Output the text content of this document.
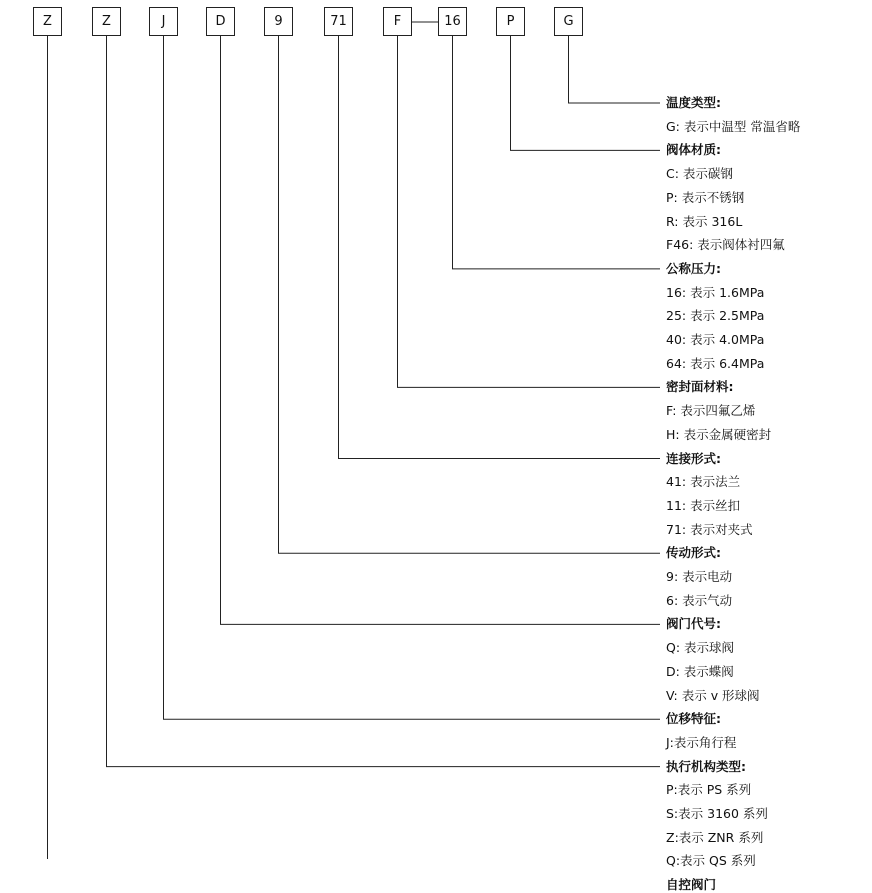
Z	Z	J	D	9	71	F	16	P	G
温度类型:
G: 表示中温型 常温省略
阀体材质:
C: 表示碳钢
P: 表示不锈钢
R: 表示 316L
F46: 表示阀体衬四氟
公称压力:
16: 表示 1.6MPa
25: 表示 2.5MPa
40: 表示 4.0MPa
64: 表示 6.4MPa
密封面材料:
F: 表示四氟乙烯
H: 表示金属硬密封
连接形式:
41: 表示法兰
11: 表示丝扣
71: 表示对夹式
传动形式:
9: 表示电动
6: 表示气动
阀门代号:
Q: 表示球阀
D: 表示蝶阀
V: 表示 v 形球阀
位移特征:
J:表示角行程
执行机构类型:
P:表示 PS 系列
S:表示 3160 系列
Z:表示 ZNR 系列
Q:表示 QS 系列
自控阀门
